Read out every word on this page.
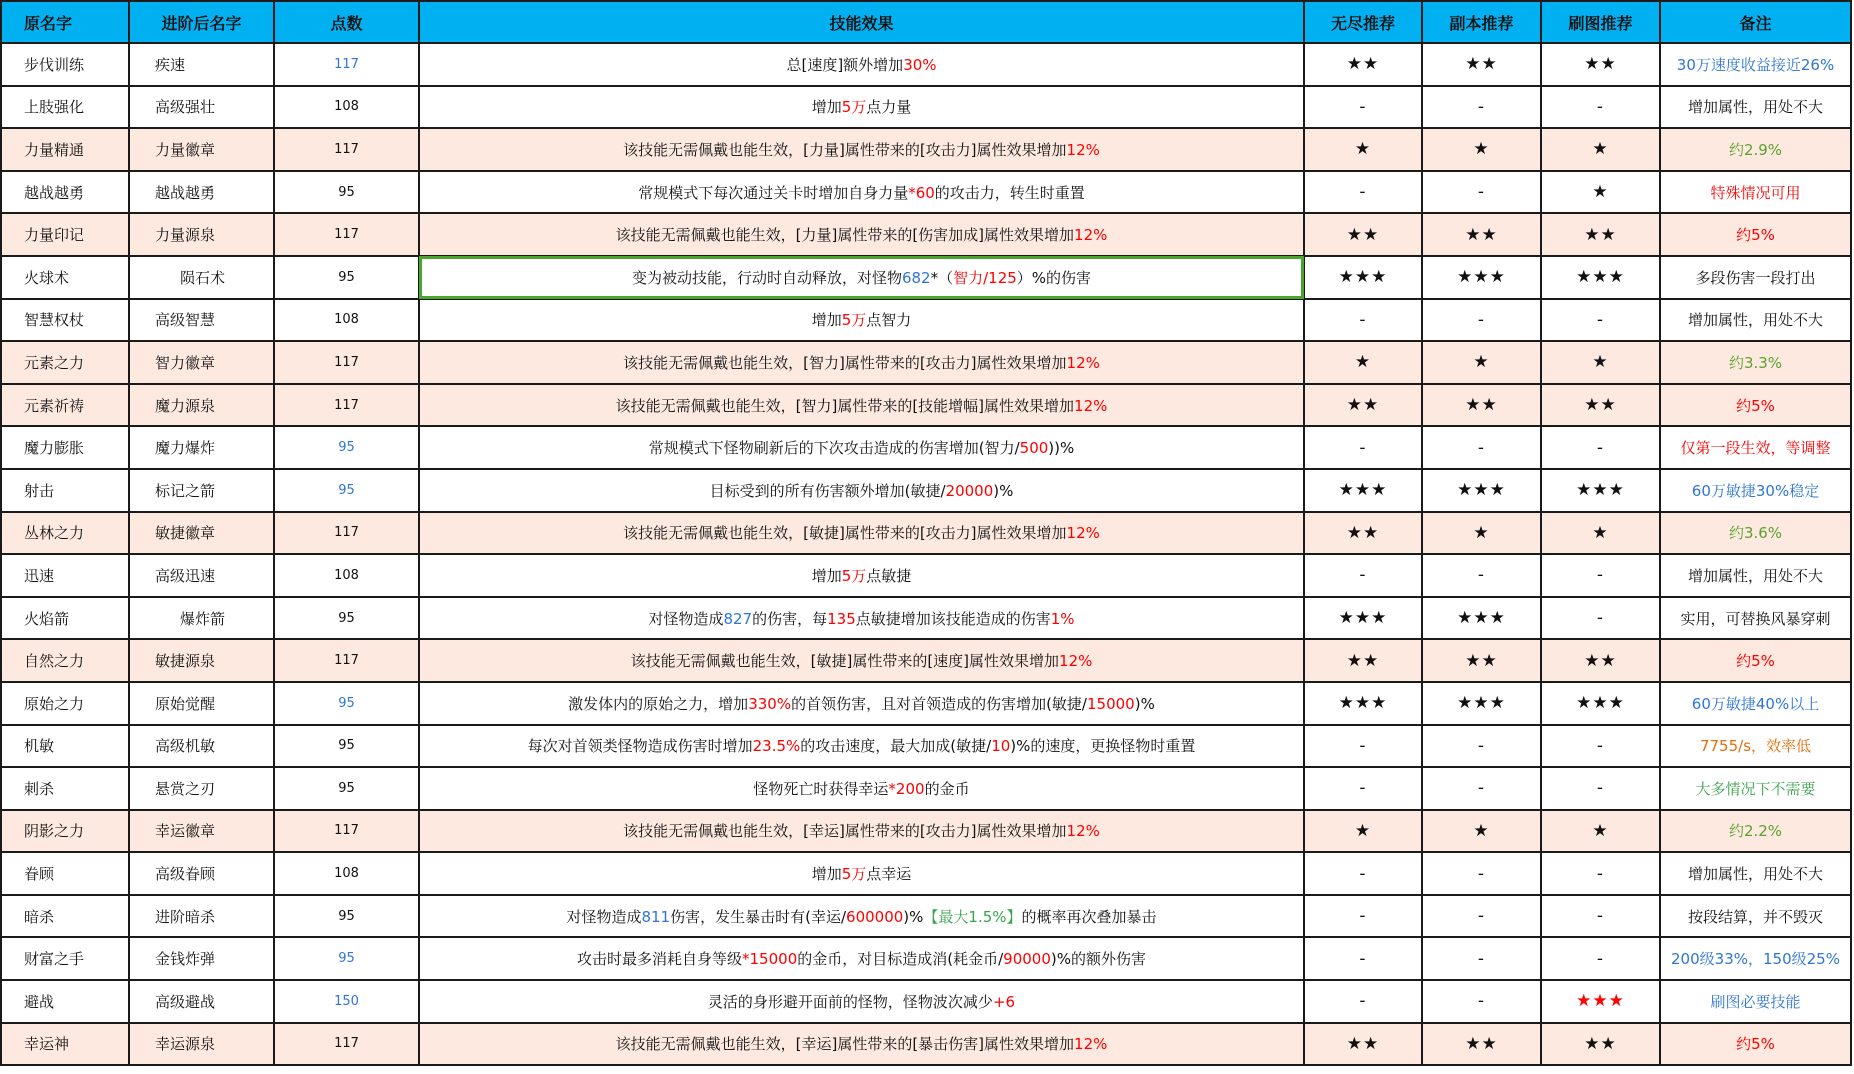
原名字	进阶后名字	点数	技能效果	无尽推荐	副本推荐	刷图推荐	备注
步伐训练	疾速	117	总[速度]额外增加30%	★★	★★	★★	30万速度收益接近26%
上肢强化	高级强壮	108	增加5万点力量	-	-	-	增加属性，用处不大
力量精通	力量徽章	117	该技能无需佩戴也能生效，[力量]属性带来的[攻击力]属性效果增加12%	★	★	★	约2.9%
越战越勇	越战越勇	95	常规模式下每次通过关卡时增加自身力量*60的攻击力，转生时重置	-	-	★	特殊情况可用
力量印记	力量源泉	117	该技能无需佩戴也能生效，[力量]属性带来的[伤害加成]属性效果增加12%	★★	★★	★★	约5%
火球术	陨石术	95	变为被动技能，行动时自动释放，对怪物682*（智力/125）%的伤害	★★★	★★★	★★★	多段伤害一段打出
智慧权杖	高级智慧	108	增加5万点智力	-	-	-	增加属性，用处不大
元素之力	智力徽章	117	该技能无需佩戴也能生效，[智力]属性带来的[攻击力]属性效果增加12%	★	★	★	约3.3%
元素祈祷	魔力源泉	117	该技能无需佩戴也能生效，[智力]属性带来的[技能增幅]属性效果增加12%	★★	★★	★★	约5%
魔力膨胀	魔力爆炸	95	常规模式下怪物刷新后的下次攻击造成的伤害增加(智力/500))%	-	-	-	仅第一段生效，等调整
射击	标记之箭	95	目标受到的所有伤害额外增加(敏捷/20000)%	★★★	★★★	★★★	60万敏捷30%稳定
丛林之力	敏捷徽章	117	该技能无需佩戴也能生效，[敏捷]属性带来的[攻击力]属性效果增加12%	★★	★	★	约3.6%
迅速	高级迅速	108	增加5万点敏捷	-	-	-	增加属性，用处不大
火焰箭	爆炸箭	95	对怪物造成827的伤害，每135点敏捷增加该技能造成的伤害1%	★★★	★★★	-	实用，可替换风暴穿刺
自然之力	敏捷源泉	117	该技能无需佩戴也能生效，[敏捷]属性带来的[速度]属性效果增加12%	★★	★★	★★	约5%
原始之力	原始觉醒	95	激发体内的原始之力，增加330%的首领伤害，且对首领造成的伤害增加(敏捷/15000)%	★★★	★★★	★★★	60万敏捷40%以上
机敏	高级机敏	95	每次对首领类怪物造成伤害时增加23.5%的攻击速度，最大加成(敏捷/10)%的速度，更换怪物时重置	-	-	-	7755/s，效率低
刺杀	悬赏之刃	95	怪物死亡时获得幸运*200的金币	-	-	-	大多情况下不需要
阴影之力	幸运徽章	117	该技能无需佩戴也能生效，[幸运]属性带来的[攻击力]属性效果增加12%	★	★	★	约2.2%
眷顾	高级眷顾	108	增加5万点幸运	-	-	-	增加属性，用处不大
暗杀	进阶暗杀	95	对怪物造成811伤害，发生暴击时有(幸运/600000)%【最大1.5%】的概率再次叠加暴击	-	-	-	按段结算，并不毁灭
财富之手	金钱炸弹	95	攻击时最多消耗自身等级*15000的金币，对目标造成消(耗金币/90000)%的额外伤害	-	-	-	200级33%，150级25%
避战	高级避战	150	灵活的身形避开面前的怪物，怪物波次减少+6	-	-	★★★	刷图必要技能
幸运神	幸运源泉	117	该技能无需佩戴也能生效，[幸运]属性带来的[暴击伤害]属性效果增加12%	★★	★★	★★	约5%
